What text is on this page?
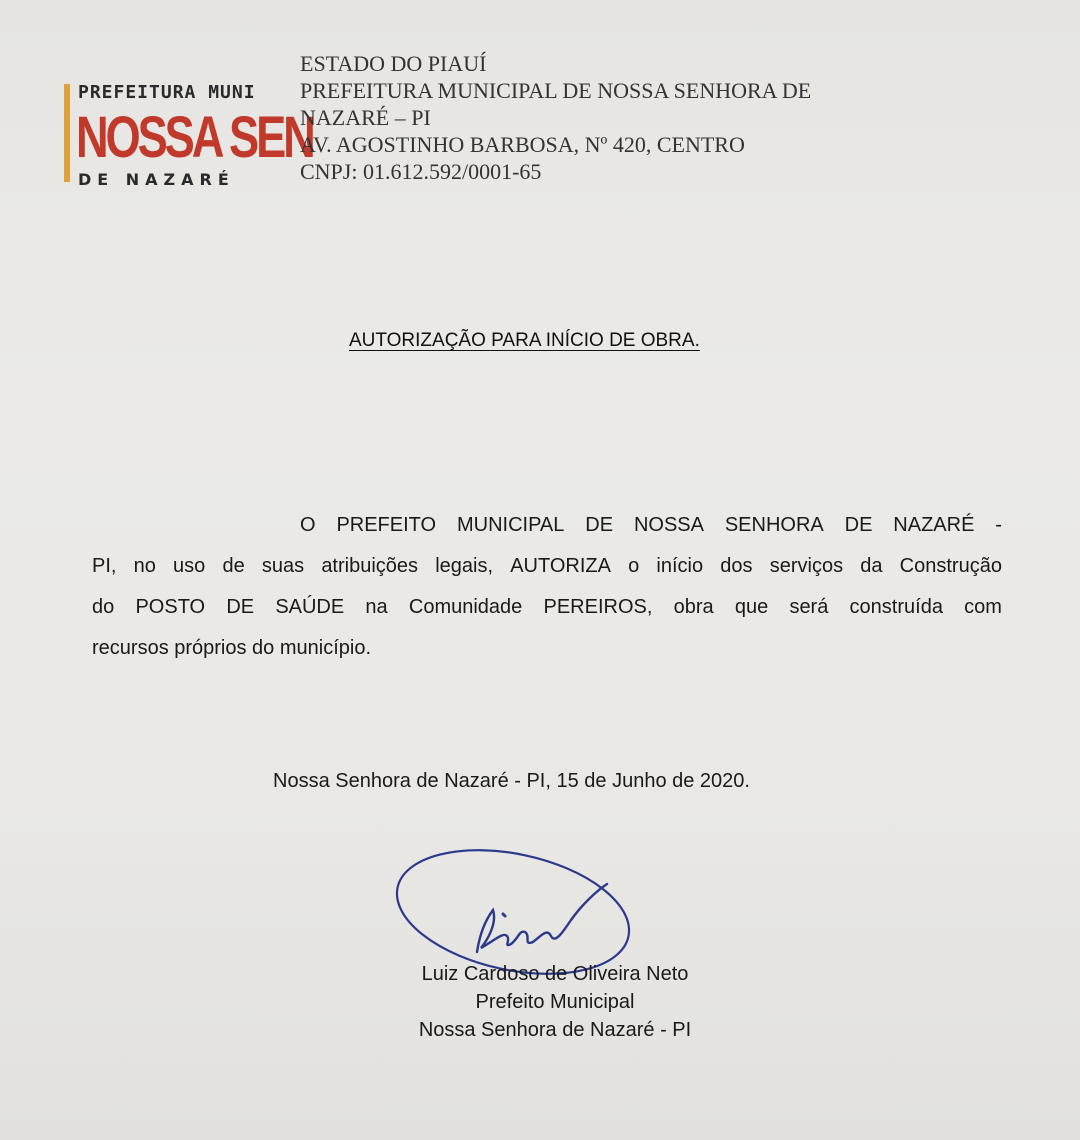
PREFEITURA MUNI
NOSSA SEN
DE NAZARÉ
ESTADO DO PIAUÍ
PREFEITURA MUNICIPAL DE NOSSA SENHORA DE
NAZARÉ – PI
AV. AGOSTINHO BARBOSA, Nº 420, CENTRO
CNPJ: 01.612.592/0001-65
AUTORIZAÇÃO PARA INÍCIO DE OBRA.
O PREFEITO MUNICIPAL DE NOSSA SENHORA DE NAZARÉ -
PI, no uso de suas atribuições legais, AUTORIZA o início dos serviços da Construção
do POSTO DE SAÚDE na Comunidade PEREIROS, obra que será construída com
recursos próprios do município.
Nossa Senhora de Nazaré - PI, 15 de Junho de 2020.
Luiz Cardoso de Oliveira Neto
Prefeito Municipal
Nossa Senhora de Nazaré - PI
